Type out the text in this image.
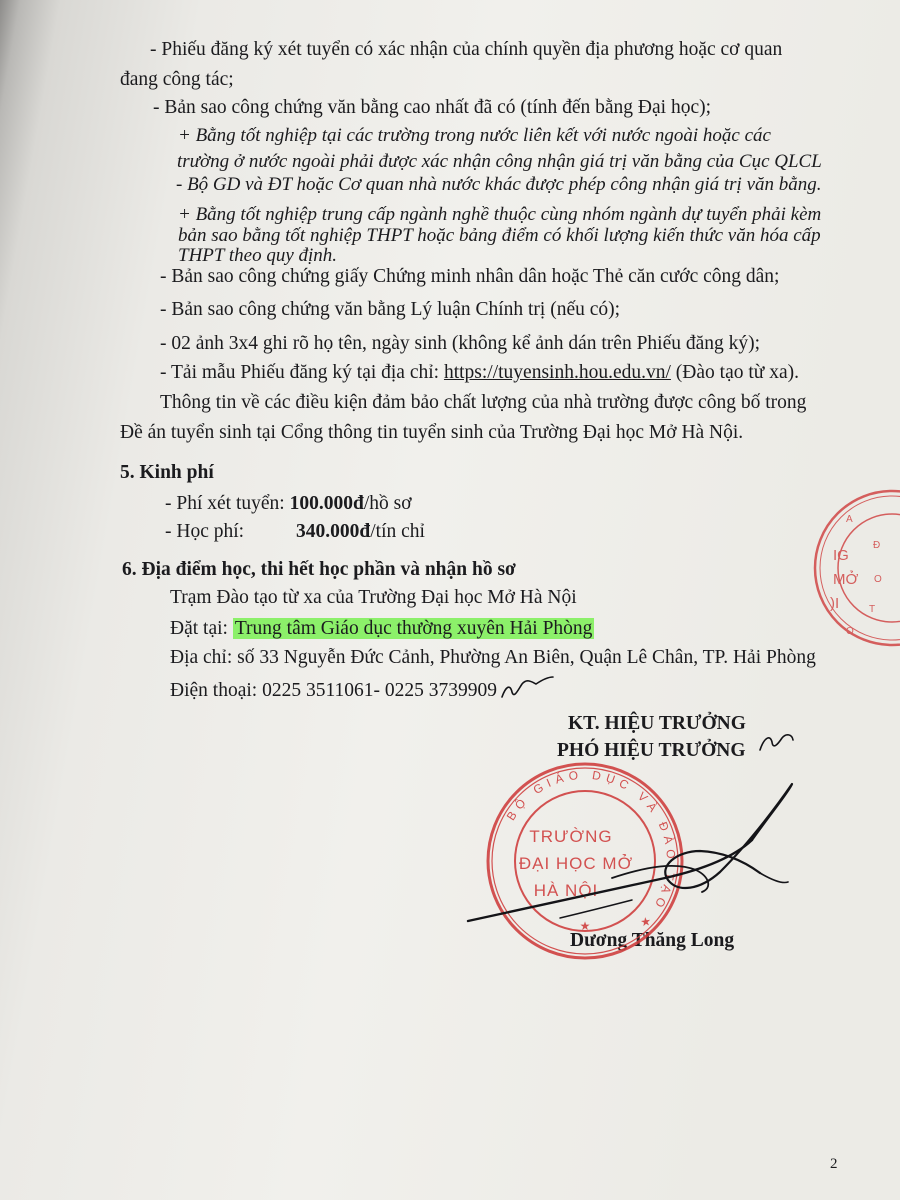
- Phiếu đăng ký xét tuyển có xác nhận của chính quyền địa phương hoặc cơ quan
đang công tác;
- Bản sao công chứng văn bằng cao nhất đã có (tính đến bằng Đại học);
+ Bằng tốt nghiệp tại các trường trong nước liên kết với nước ngoài hoặc các
trường ở nước ngoài phải được xác nhận công nhận giá trị văn bằng của Cục QLCL
- Bộ GD và ĐT hoặc Cơ quan nhà nước khác được phép công nhận giá trị văn bằng.
+ Bằng tốt nghiệp trung cấp ngành nghề thuộc cùng nhóm ngành dự tuyển phải kèm
bản sao bằng tốt nghiệp THPT hoặc bảng điểm có khối lượng kiến thức văn hóa cấp
THPT theo quy định.
- Bản sao công chứng giấy Chứng minh nhân dân hoặc Thẻ căn cước công dân;
- Bản sao công chứng văn bằng Lý luận Chính trị (nếu có);
- 02 ảnh 3x4 ghi rõ họ tên, ngày sinh (không kể ảnh dán trên Phiếu đăng ký);
- Tải mẫu Phiếu đăng ký tại địa chỉ: https://tuyensinh.hou.edu.vn/ (Đào tạo từ xa).
Thông tin về các điều kiện đảm bảo chất lượng của nhà trường được công bố trong
Đề án tuyển sinh tại Cổng thông tin tuyển sinh của Trường Đại học Mở Hà Nội.
5. Kinh phí
- Phí xét tuyển: 100.000đ/hồ sơ
- Học phí:	340.000đ/tín chỉ
6. Địa điểm học, thi hết học phần và nhận hồ sơ
Trạm Đào tạo từ xa của Trường Đại học Mở Hà Nội
Đặt tại: Trung tâm Giáo dục thường xuyên Hải Phòng
Địa chỉ: số 33 Nguyễn Đức Cảnh, Phường An Biên, Quận Lê Chân, TP. Hải Phòng
Điện thoại: 0225 3511061- 0225 3739909
KT. HIỆU TRƯỞNG
PHÓ HIỆU TRƯỞNG
Dương Thăng Long
2
BỘ GIÁO DỤC VÀ ĐÀO TẠO ★
TRƯỜNG
ĐẠI HỌC MỞ
HÀ NỘI
★
IG
MỞ
)I
A
Đ
O
T
O
